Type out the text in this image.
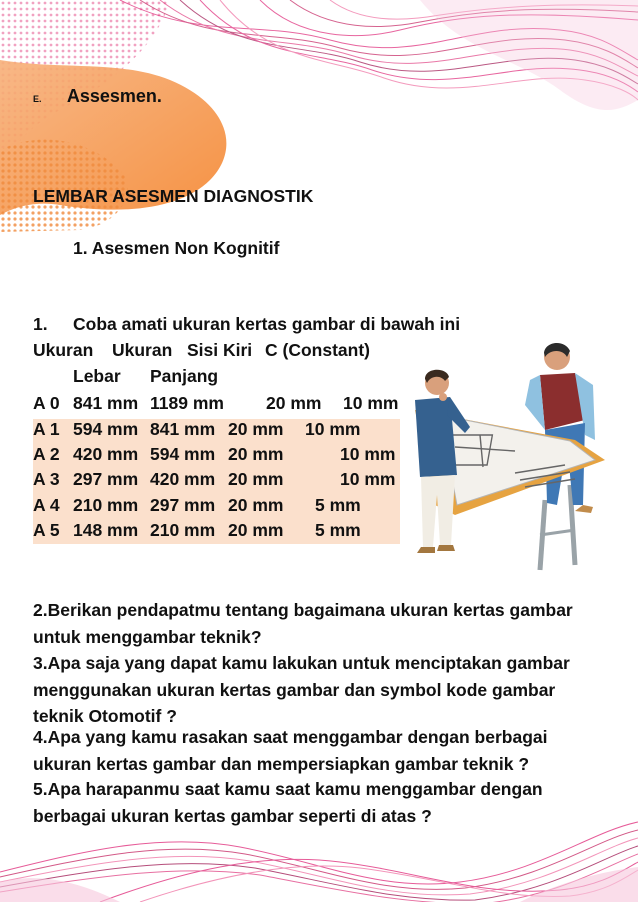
E. Assesmen.
LEMBAR ASESMEN DIAGNOSTIK
1. Asesmen Non Kognitif
1. Coba amati ukuran kertas gambar di bawah ini
Ukuran Ukuran Sisi Kiri C (Constant)
Lebar Panjang
A 0 841 mm 1189 mm 20 mm 10 mm
A 1 594 mm 841 mm 20 mm 10 mm
A 2 420 mm 594 mm 20 mm	10 mm
A 3 297 mm 420 mm 20 mm	10 mm
A 4 210 mm 297 mm 20 mm 5 mm
A 5 148 mm 210 mm 20 mm 5 mm
2.Berikan pendapatmu tentang bagaimana ukuran kertas gambar untuk menggambar teknik?
3.Apa saja yang dapat kamu lakukan untuk menciptakan gambar menggunakan ukuran kertas gambar dan symbol kode gambar teknik Otomotif ?
4.Apa yang kamu rasakan saat menggambar dengan berbagai ukuran kertas gambar dan mempersiapkan gambar teknik ?
5.Apa harapanmu saat kamu saat kamu menggambar dengan berbagai ukuran kertas gambar seperti di atas ?
